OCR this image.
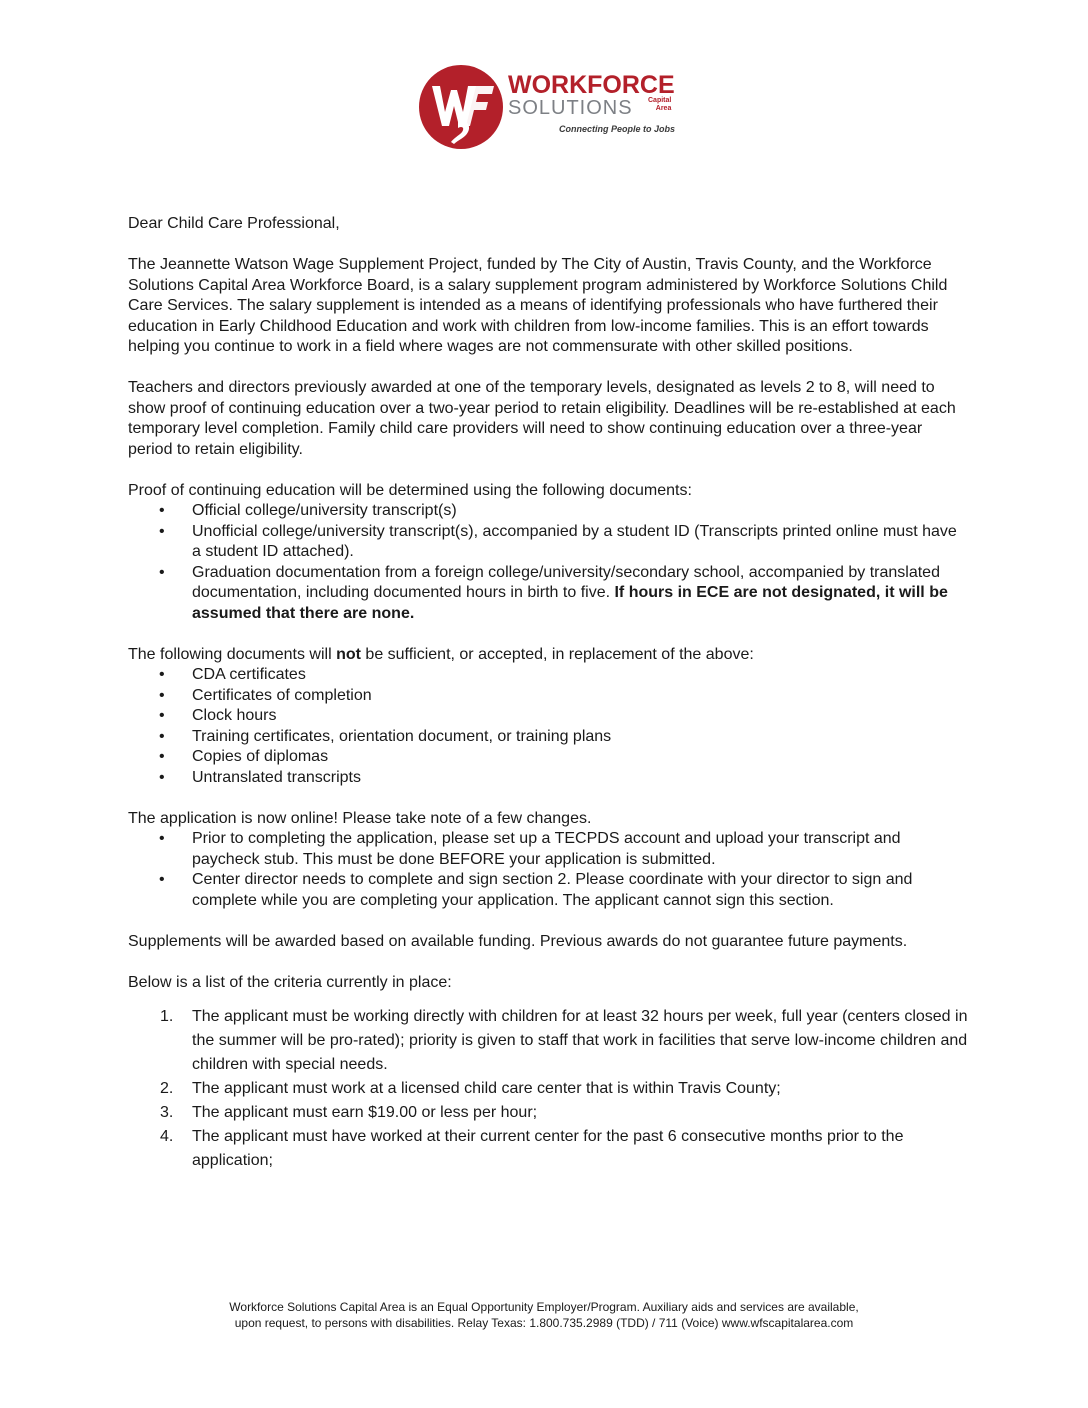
WORKFORCE
SOLUTIONS	Capital
Area
Connecting People to Jobs

Dear Child Care Professional,

The Jeannette Watson Wage Supplement Project, funded by The City of Austin, Travis County, and the Workforce Solutions Capital Area Workforce Board, is a salary supplement program administered by Workforce Solutions Child Care Services. The salary supplement is intended as a means of identifying professionals who have furthered their education in Early Childhood Education and work with children from low-income families. This is an effort towards helping you continue to work in a field where wages are not commensurate with other skilled positions.

Teachers and directors previously awarded at one of the temporary levels, designated as levels 2 to 8, will need to show proof of continuing education over a two-year period to retain eligibility. Deadlines will be re-established at each temporary level completion. Family child care providers will need to show continuing education over a three-year period to retain eligibility.

Proof of continuing education will be determined using the following documents:
• Official college/university transcript(s)
• Unofficial college/university transcript(s), accompanied by a student ID (Transcripts printed online must have a student ID attached).
• Graduation documentation from a foreign college/university/secondary school, accompanied by translated documentation, including documented hours in birth to five. If hours in ECE are not designated, it will be assumed that there are none.
The following documents will not be sufficient, or accepted, in replacement of the above:
• CDA certificates
• Certificates of completion
• Clock hours
• Training certificates, orientation document, or training plans
• Copies of diplomas
• Untranslated transcripts
The application is now online! Please take note of a few changes.
• Prior to completing the application, please set up a TECPDS account and upload your transcript and paycheck stub. This must be done BEFORE your application is submitted.
• Center director needs to complete and sign section 2. Please coordinate with your director to sign and complete while you are completing your application. The applicant cannot sign this section.

Supplements will be awarded based on available funding. Previous awards do not guarantee future payments.

Below is a list of the criteria currently in place:
1. The applicant must be working directly with children for at least 32 hours per week, full year (centers closed in the summer will be pro-rated); priority is given to staff that work in facilities that serve low-income children and children with special needs.
2. The applicant must work at a licensed child care center that is within Travis County;
3. The applicant must earn $19.00 or less per hour;
4. The applicant must have worked at their current center for the past 6 consecutive months prior to the application;
Workforce Solutions Capital Area is an Equal Opportunity Employer/Program. Auxiliary aids and services are available,
upon request, to persons with disabilities. Relay Texas: 1.800.735.2989 (TDD) / 711 (Voice) www.wfscapitalarea.com
